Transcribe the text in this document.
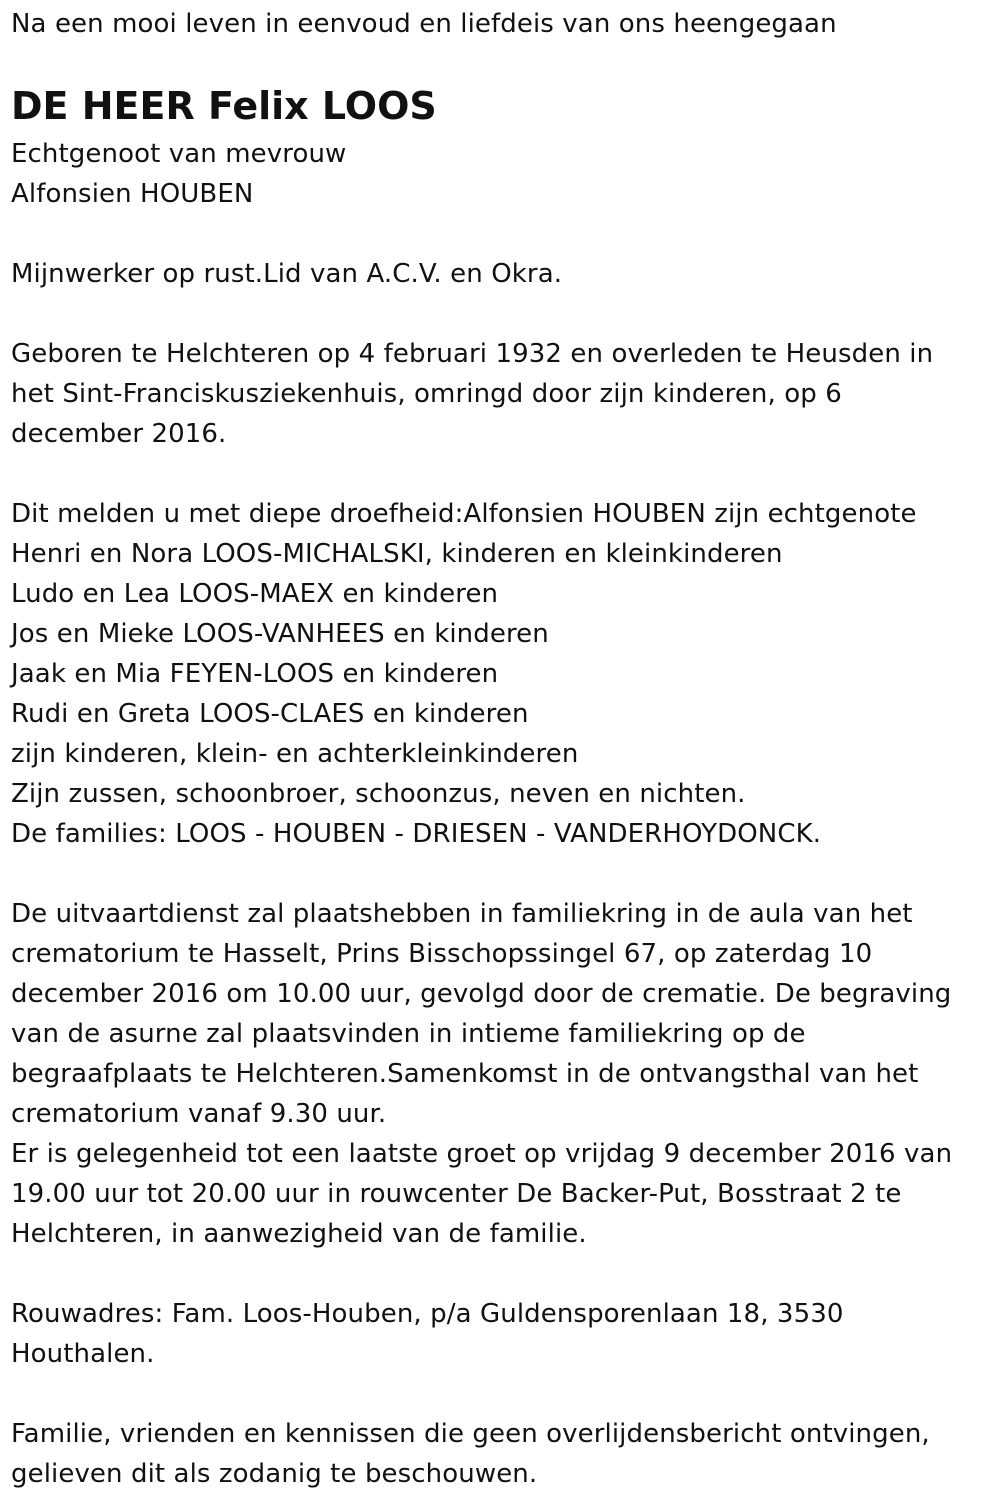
Na een mooi leven in eenvoud en liefdeis van ons heengegaan
DE HEER Felix LOOS
Echtgenoot van mevrouw
Alfonsien HOUBEN
Mijnwerker op rust.Lid van A.C.V. en Okra.
Geboren te Helchteren op 4 februari 1932 en overleden te Heusden in
het Sint-Franciskusziekenhuis, omringd door zijn kinderen, op 6
december 2016.
Dit melden u met diepe droefheid:Alfonsien HOUBEN zijn echtgenote
Henri en Nora LOOS-MICHALSKI, kinderen en kleinkinderen
Ludo en Lea LOOS-MAEX en kinderen
Jos en Mieke LOOS-VANHEES en kinderen
Jaak en Mia FEYEN-LOOS en kinderen
Rudi en Greta LOOS-CLAES en kinderen
zijn kinderen, klein- en achterkleinkinderen
Zijn zussen, schoonbroer, schoonzus, neven en nichten.
De families: LOOS - HOUBEN - DRIESEN - VANDERHOYDONCK.
De uitvaartdienst zal plaatshebben in familiekring in de aula van het
crematorium te Hasselt, Prins Bisschopssingel 67, op zaterdag 10
december 2016 om 10.00 uur, gevolgd door de crematie. De begraving
van de asurne zal plaatsvinden in intieme familiekring op de
begraafplaats te Helchteren.Samenkomst in de ontvangsthal van het
crematorium vanaf 9.30 uur.
Er is gelegenheid tot een laatste groet op vrijdag 9 december 2016 van
19.00 uur tot 20.00 uur in rouwcenter De Backer-Put, Bosstraat 2 te
Helchteren, in aanwezigheid van de familie.
Rouwadres: Fam. Loos-Houben, p/a Guldensporenlaan 18, 3530
Houthalen.
Familie, vrienden en kennissen die geen overlijdensbericht ontvingen,
gelieven dit als zodanig te beschouwen.
